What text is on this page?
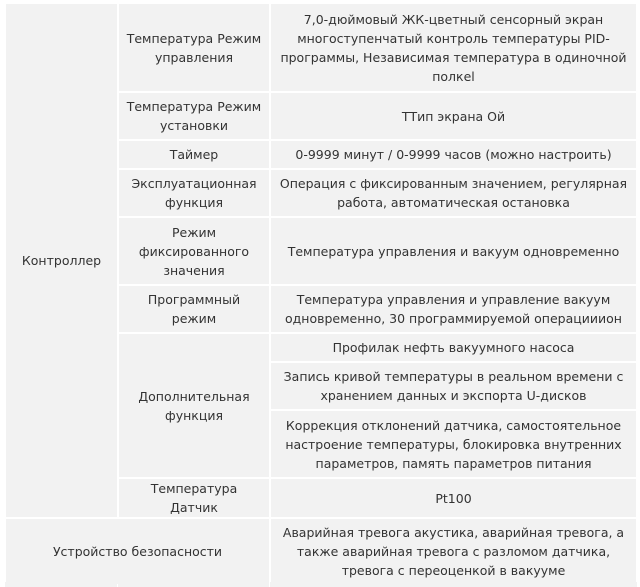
Контроллер	Температура Режим управления	7,0-дюймовый ЖК-цветный сенсорный экран многоступенчатый контроль температуры PID-программы, Независимая температура в одиночной полкеl
	Температура Режим установки	TТип экрана Ой
	Таймер	0-9999 минут / 0-9999 часов (можно настроить)
	Эксплуатационная функция	Операция с фиксированным значением, регулярная работа, автоматическая остановка
	Режим фиксированного значения	Температура управления и вакуум одновременно
	Программный режим	Температура управления и управление вакуум одновременно, 30 программируемой операцииион
	Дополнительная функция	Профилак нефть вакуумного насоса
		Запись кривой температуры в реальном времени с хранением данных и экспорта U-дисков
		Коррекция отклонений датчика, самостоятельное настроение температуры, блокировка внутренних параметров, память параметров питания
	Температура Датчик	Pt100
Устройство безопасности		Аварийная тревога акустика, аварийная тревога, а также аварийная тревога с разломом датчика, тревога с переоценкой в вакууме
